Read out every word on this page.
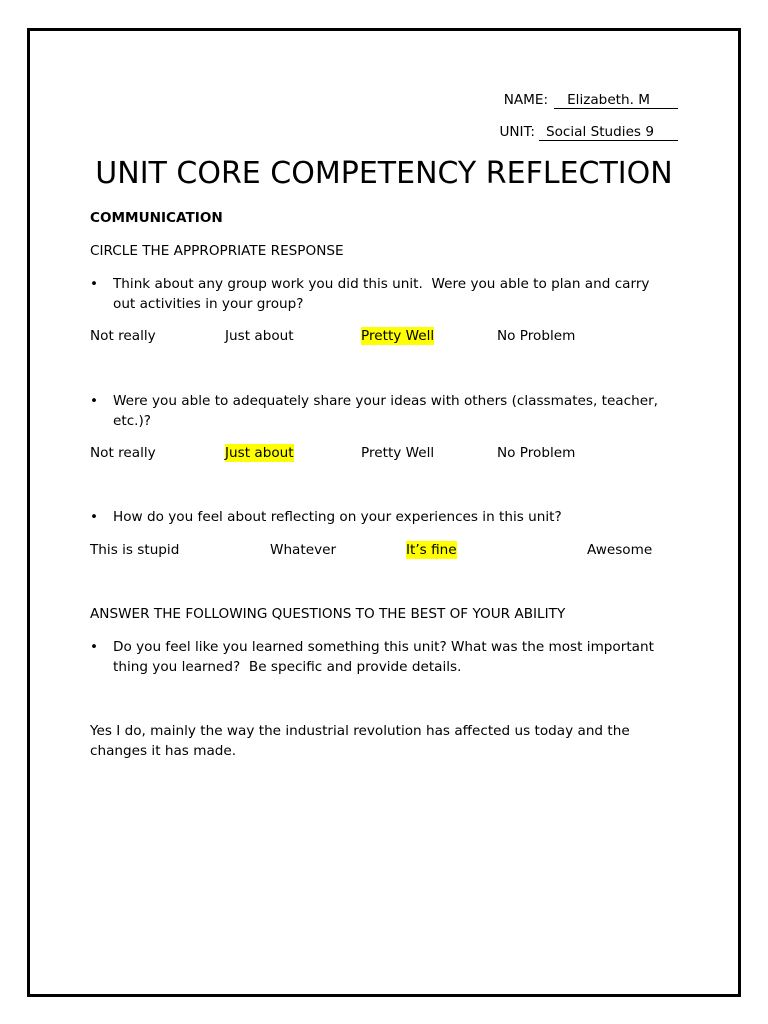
NAME: Elizabeth. M
UNIT: Social Studies 9
UNIT CORE COMPETENCY REFLECTION
COMMUNICATION
CIRCLE THE APPROPRIATE RESPONSE
•	Think about any group work you did this unit.  Were you able to plan and carry
out activities in your group?
Not really	Just about	Pretty Well	No Problem
•	Were you able to adequately share your ideas with others (classmates, teacher,
etc.)?
Not really	Just about	Pretty Well	No Problem
•	How do you feel about reflecting on your experiences in this unit?
This is stupid	Whatever	It’s fine	Awesome
ANSWER THE FOLLOWING QUESTIONS TO THE BEST OF YOUR ABILITY
•	Do you feel like you learned something this unit? What was the most important
thing you learned?  Be specific and provide details.
Yes I do, mainly the way the industrial revolution has affected us today and the
changes it has made.
